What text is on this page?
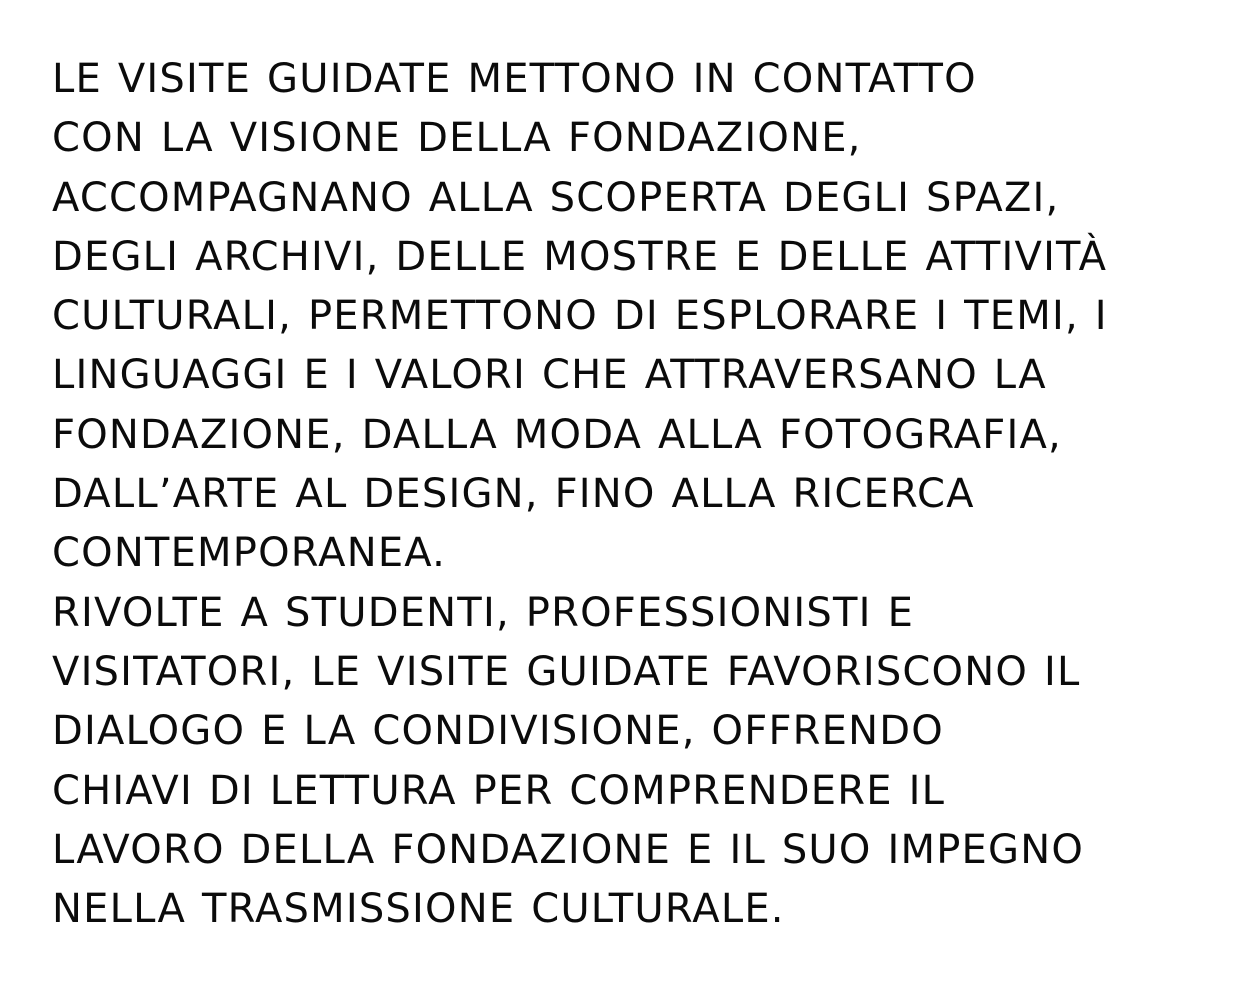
LE VISITE GUIDATE METTONO IN CONTATTO
CON LA VISIONE DELLA FONDAZIONE,
ACCOMPAGNANO ALLA SCOPERTA DEGLI SPAZI,
DEGLI ARCHIVI, DELLE MOSTRE E DELLE ATTIVITÀ
CULTURALI, PERMETTONO DI ESPLORARE I TEMI, I
LINGUAGGI E I VALORI CHE ATTRAVERSANO LA
FONDAZIONE, DALLA MODA ALLA FOTOGRAFIA,
DALL’ARTE AL DESIGN, FINO ALLA RICERCA
CONTEMPORANEA.
RIVOLTE A STUDENTI, PROFESSIONISTI E
VISITATORI, LE VISITE GUIDATE FAVORISCONO IL
DIALOGO E LA CONDIVISIONE, OFFRENDO
CHIAVI DI LETTURA PER COMPRENDERE IL
LAVORO DELLA FONDAZIONE E IL SUO IMPEGNO
NELLA TRASMISSIONE CULTURALE.
